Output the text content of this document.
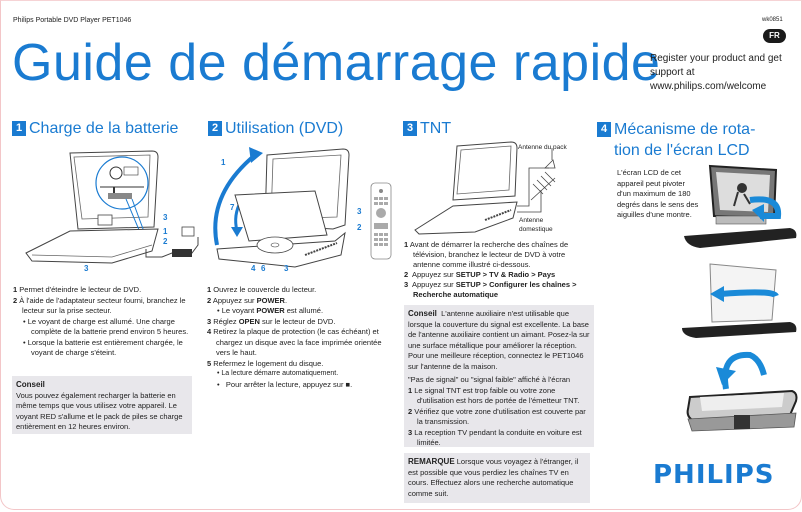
Philips Portable DVD Player PET1046	wk0851
FR
Guide de démarrage rapide
Register your product and get
support at
www.philips.com/welcome
1 Charge de la batterie
3
1
2
3
1 Permet d'éteindre le lecteur de DVD.
2 À l'aide de l'adaptateur secteur fourni, branchez le lecteur sur la prise secteur.
• Le voyant de charge est allumé. Une charge complète de la batterie prend environ 5 heures.
• Lorsque la batterie est entièrement chargée, le voyant de charge s'éteint.
Conseil
Vous pouvez également recharger la batterie en même temps que vous utilisez votre appareil. Le voyant RED s'allume et le pack de piles se charge entièrement en 12 heures environ.
2 Utilisation (DVD)
1
7	3
2
4 6 3
1 Ouvrez le couvercle du lecteur.
2 Appuyez sur POWER.
• Le voyant POWER est allumé.
3 Réglez OPEN sur le lecteur de DVD.
4 Retirez la plaque de protection (le cas échéant) et chargez un disque avec la face imprimée orientée vers le haut.
5 Refermez le logement du disque.
• La lecture démarre automatiquement.
•   Pour arrêter la lecture, appuyez sur ■.
3 TNT
Antenne du pack
Antenne
domestique
1 Avant de démarrer la recherche des chaînes de télévision, branchez le lecteur de DVD à votre antenne comme illustré ci-dessous.
2 Appuyez sur SETUP > TV & Radio > Pays
3 Appuyez sur SETUP > Configurer les chaînes > Recherche automatique
Conseil L'antenne auxiliaire n'est utilisable que lorsque la couverture du signal est excellente. La base de l'antenne auxiliaire contient un aimant. Posez-la sur une surface métallique pour améliorer la réception. Pour une meilleure réception, connectez le PET1046 sur l'antenne de la maison.
"Pas de signal" ou "signal faible" affiché à l'écran
1 Le signal TNT est trop faible ou votre zone d'utilisation est hors de portée de l'émetteur TNT.
2 Vérifiez que votre zone d'utilisation est couverte par la transmission.
3 La reception TV pendant la conduite en voiture est limitée.
REMARQUE Lorsque vous voyagez à l'étranger, il est possible que vous perdiez les chaînes TV en cours. Effectuez alors une recherche automatique comme suit.
4 Mécanisme de rota-
tion de l'écran LCD
L'écran LCD de cet appareil peut pivoter d'un maximum de 180 degrés dans le sens des aiguilles d'une montre.
PHILIPS
